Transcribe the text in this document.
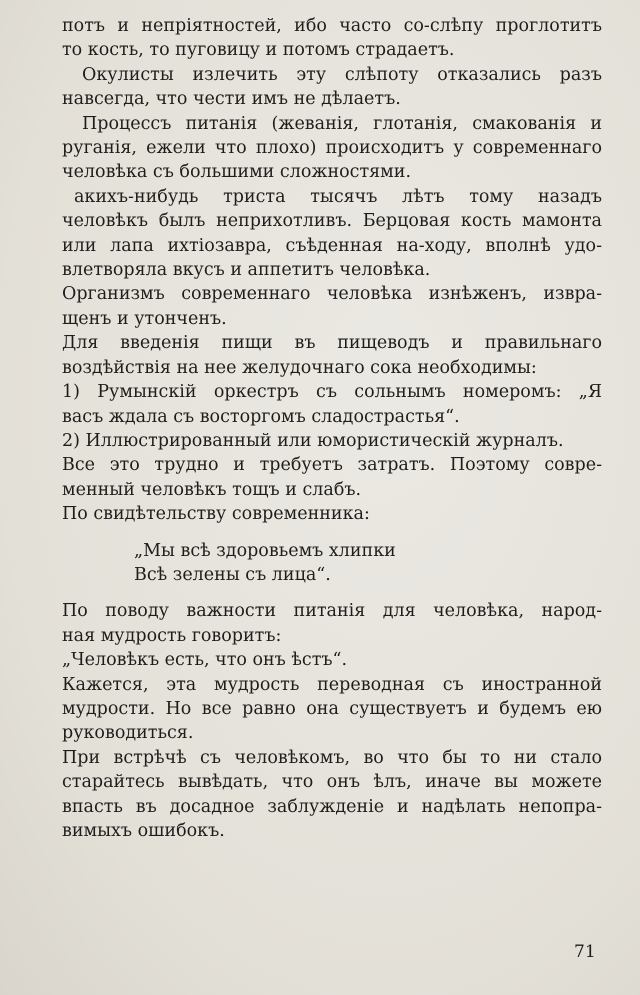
потъ и непріятностей, ибо часто со-слѣпу проглотитъ
то кость, то пуговицу и потомъ страдаетъ.
Окулисты излечить эту слѣпоту отказались разъ
навсегда, что чести имъ не дѣлаетъ.
Процессъ питанія (жеванія, глотанія, смакованія и
руганія, ежели что плохо) происходитъ у современнаго
человѣка съ большими сложностями.
акихъ-нибудь триста тысячъ лѣтъ тому назадъ
человѣкъ былъ неприхотливъ. Берцовая кость мамонта
или лапа ихтіозавра, съѣденная на-ходу, вполнѣ удо-
влетворяла вкусъ и аппетитъ человѣка.
Организмъ современнаго человѣка изнѣженъ, извра-
щенъ и утонченъ.
Для введенія пищи въ пищеводъ и правильнаго
воздѣйствія на нее желудочнаго сока необходимы:
1) Румынскій оркестръ съ сольнымъ номеромъ: „Я
васъ ждала съ восторгомъ сладострастья“.
2) Иллюстрированный или юмористическій журналъ.
Все это трудно и требуетъ затратъ. Поэтому совре-
менный человѣкъ тощъ и слабъ.
По свидѣтельству современника:
„Мы всѣ здоровьемъ хлипки
Всѣ зелены съ лица“.
По поводу важности питанія для человѣка, народ-
ная мудрость говоритъ:
„Человѣкъ есть, что онъ ѣстъ“.
Кажется, эта мудрость переводная съ иностранной
мудрости. Но все равно она существуетъ и будемъ ею
руководиться.
При встрѣчѣ съ человѣкомъ, во что бы то ни стало
старайтесь вывѣдать, что онъ ѣлъ, иначе вы можете
впасть въ досадное заблужденіе и надѣлать непопра-
вимыхъ ошибокъ.
71
